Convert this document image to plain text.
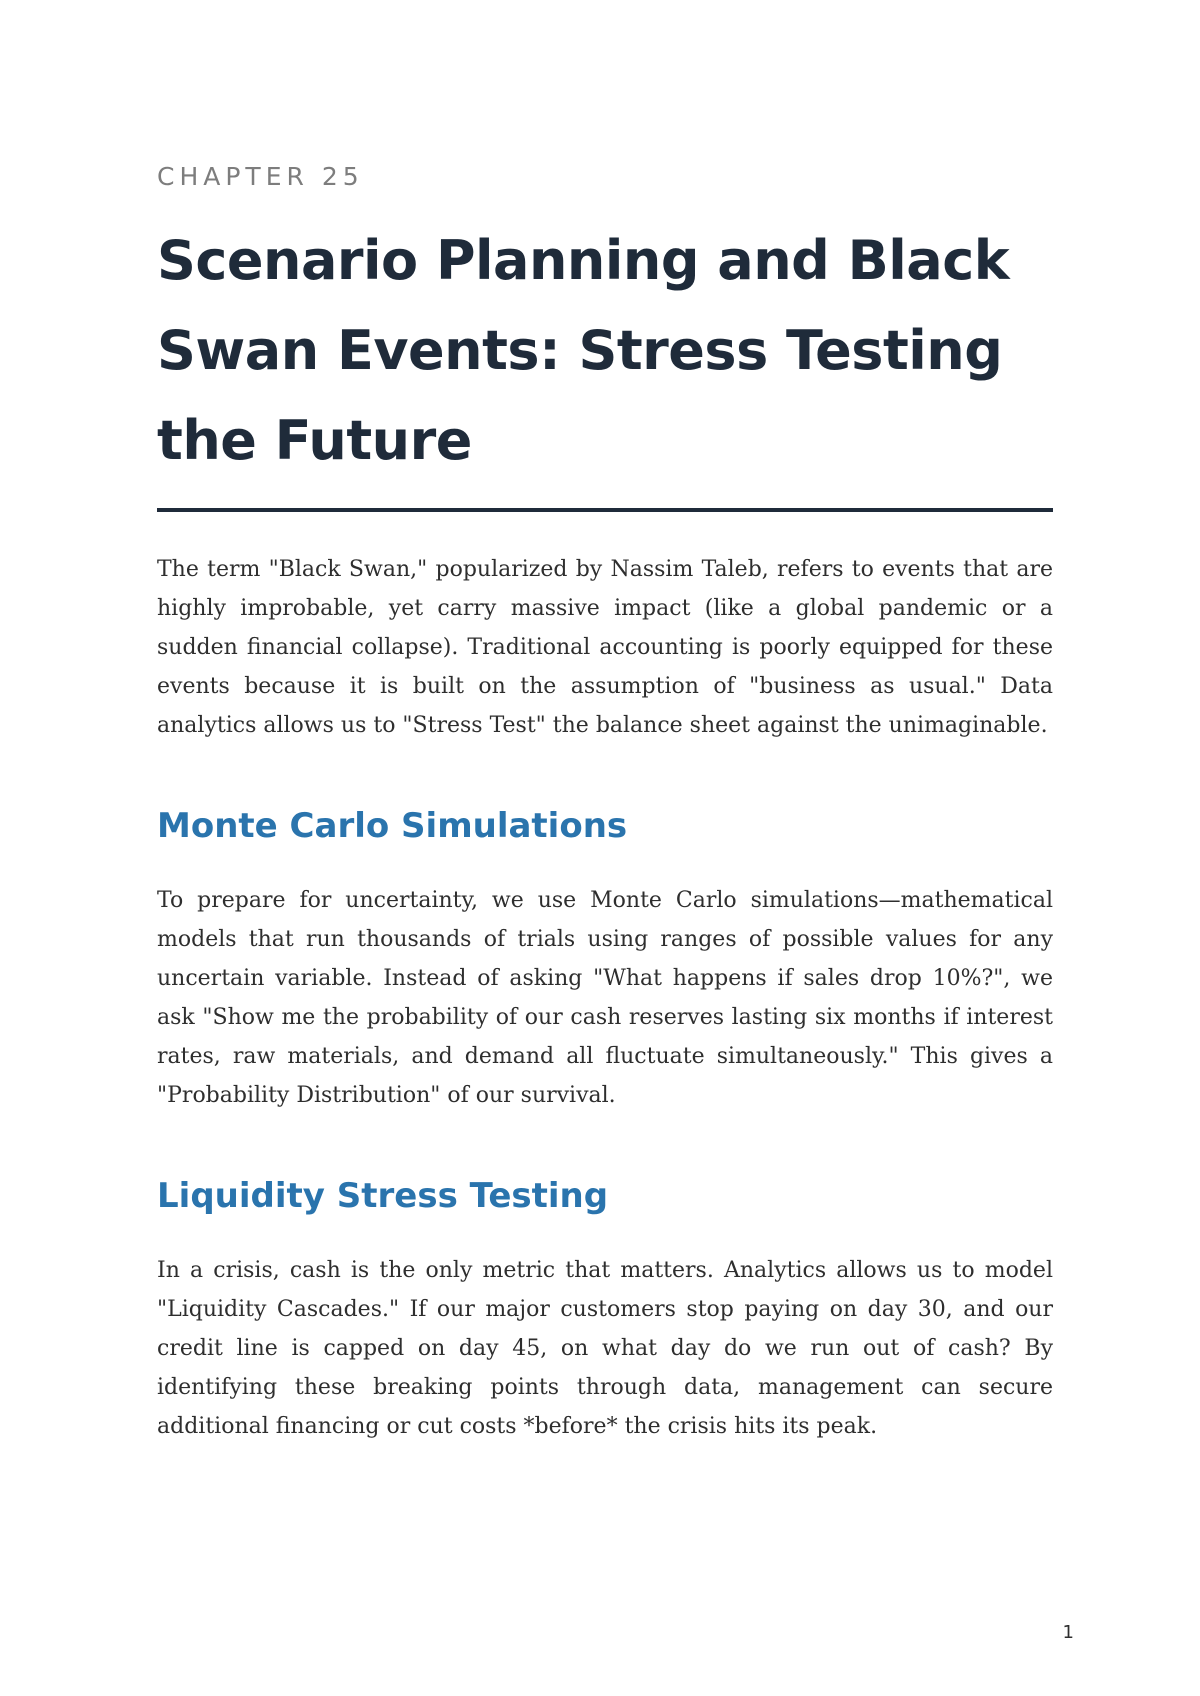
CHAPTER 25

Scenario Planning and Black Swan Events: Stress Testing the Future

The term "Black Swan," popularized by Nassim Taleb, refers to events that are highly improbable, yet carry massive impact (like a global pandemic or a sudden financial collapse). Traditional accounting is poorly equipped for these events because it is built on the assumption of "business as usual." Data analytics allows us to "Stress Test" the balance sheet against the unimaginable.

Monte Carlo Simulations

To prepare for uncertainty, we use Monte Carlo simulations—mathematical models that run thousands of trials using ranges of possible values for any uncertain variable. Instead of asking "What happens if sales drop 10%?", we ask "Show me the probability of our cash reserves lasting six months if interest rates, raw materials, and demand all fluctuate simultaneously." This gives a "Probability Distribution" of our survival.

Liquidity Stress Testing

In a crisis, cash is the only metric that matters. Analytics allows us to model "Liquidity Cascades." If our major customers stop paying on day 30, and our credit line is capped on day 45, on what day do we run out of cash? By identifying these breaking points through data, management can secure additional financing or cut costs *before* the crisis hits its peak.

1
